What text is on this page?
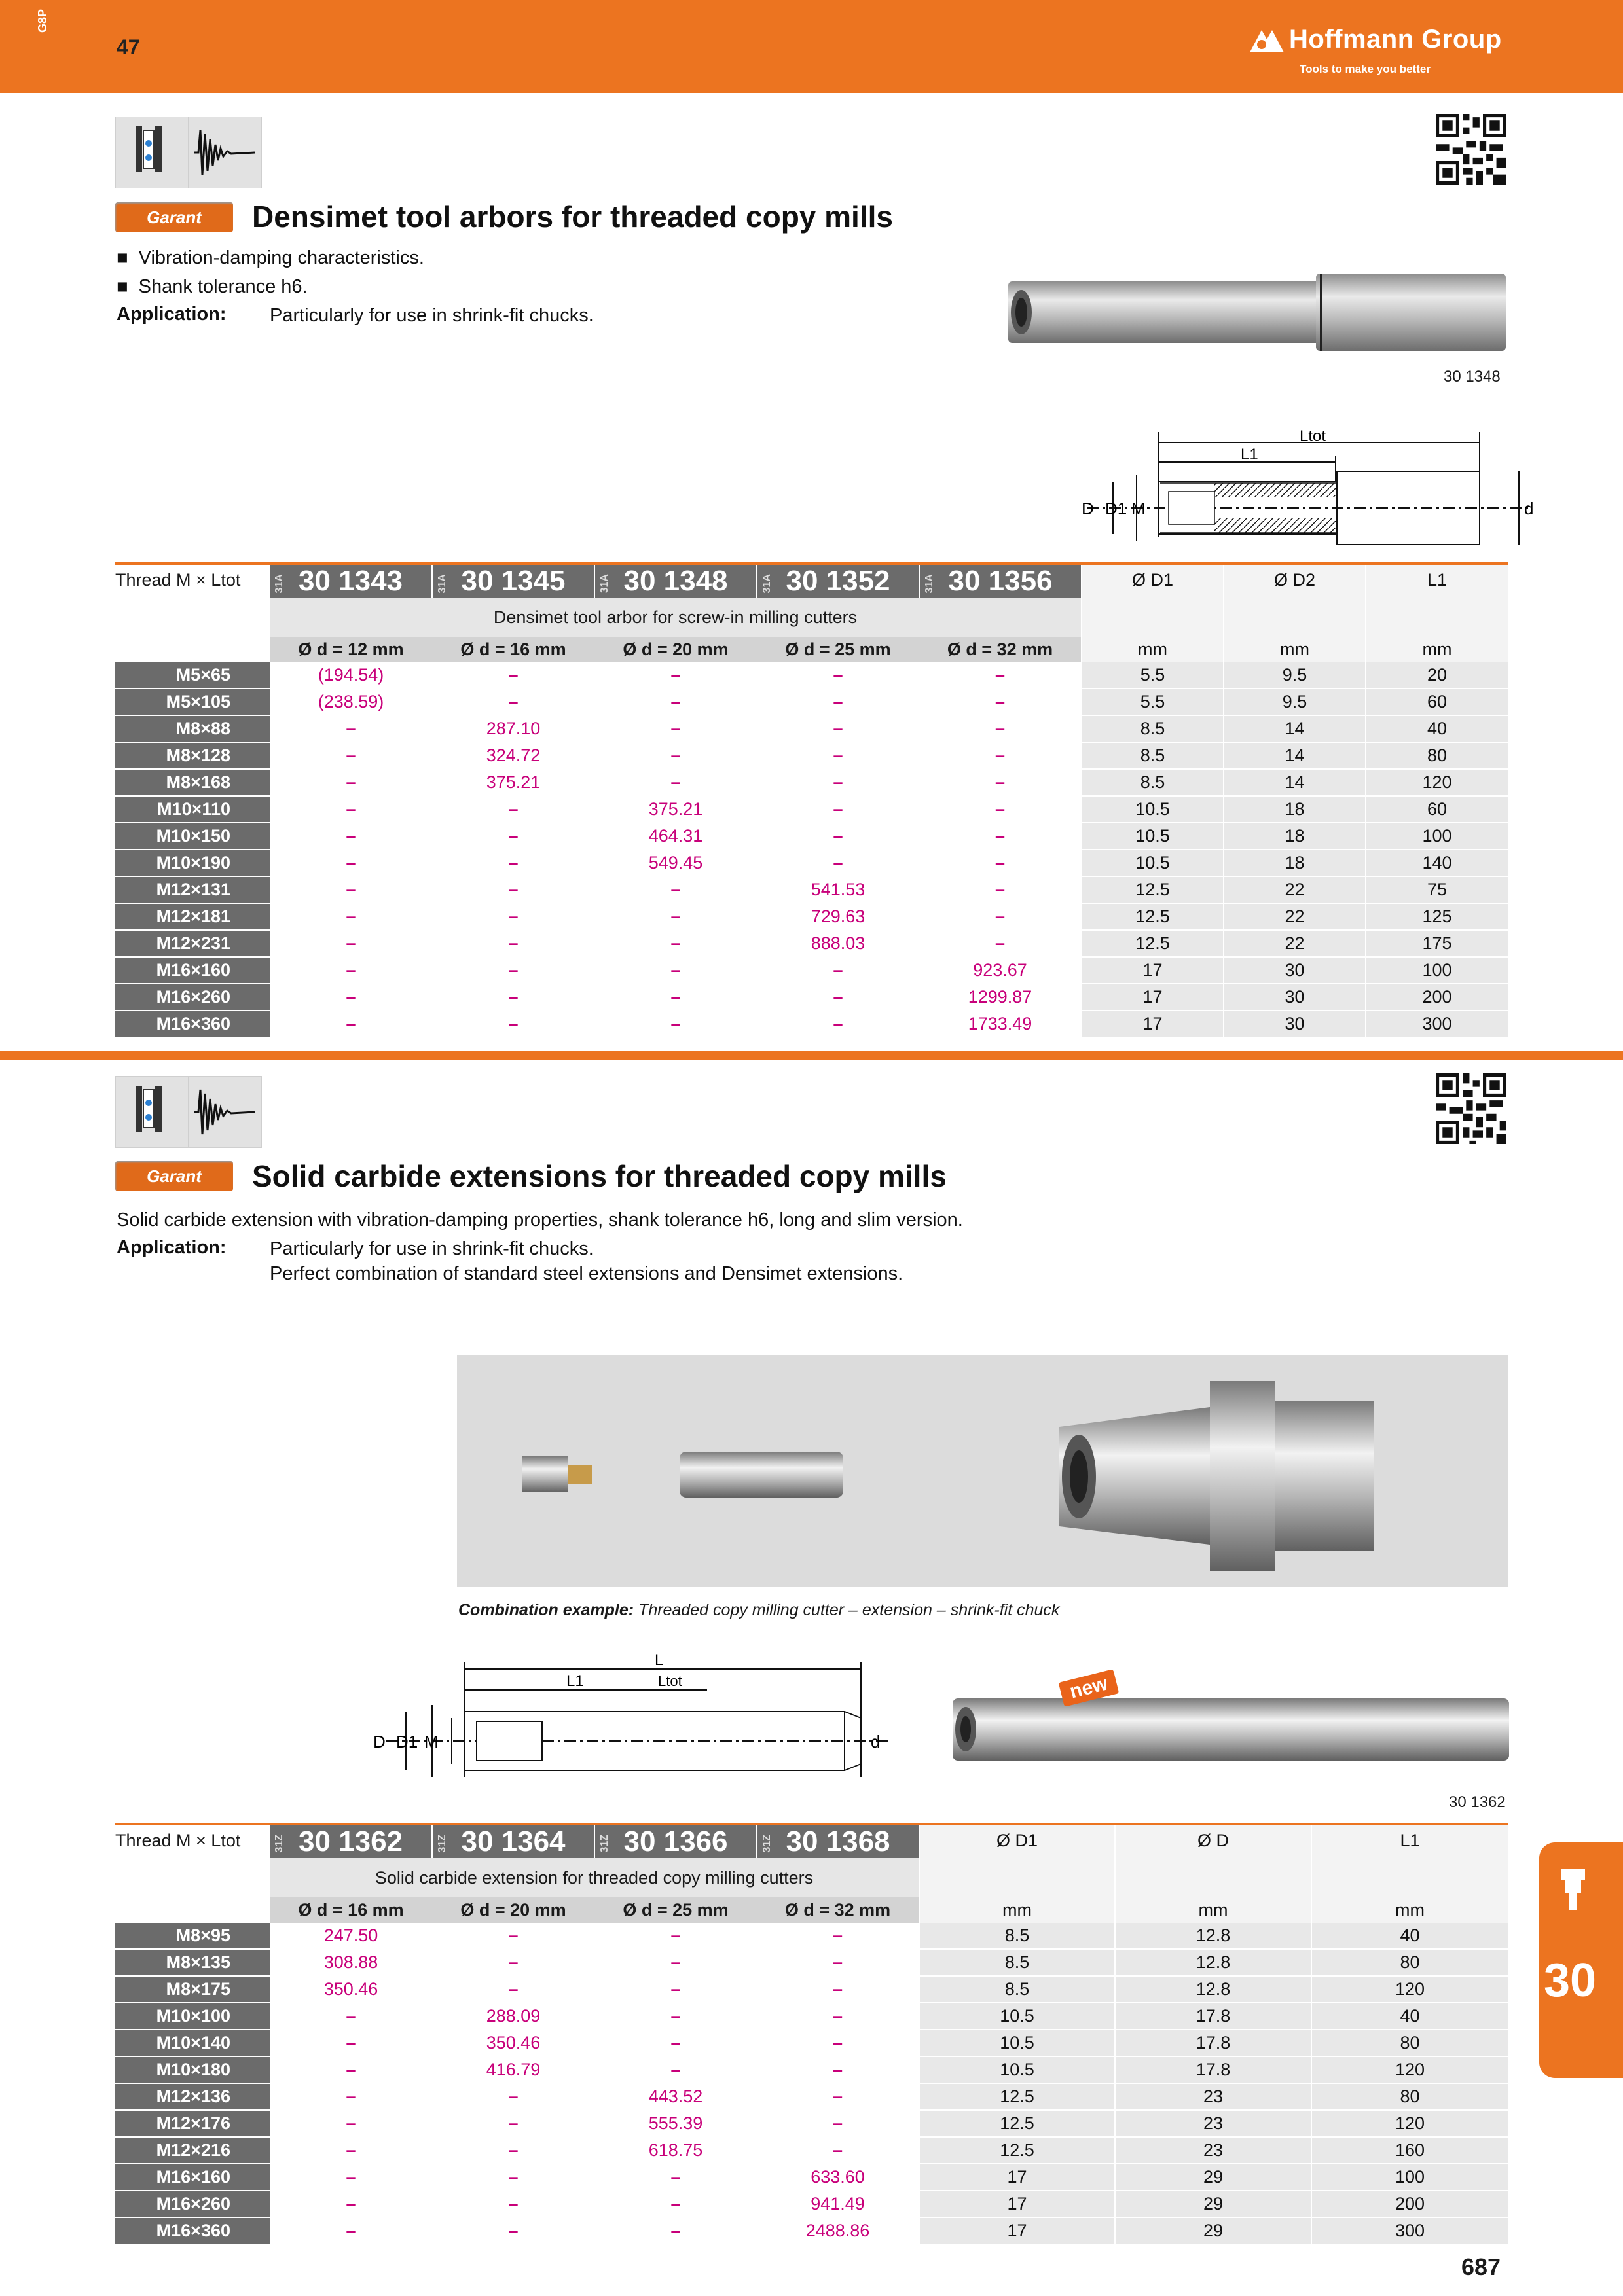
G8P
47	Hoffmann Group
Tools to make you better
Garant	Densimet tool arbors for threaded copy mills
■  Vibration-damping characteristics.
■  Shank tolerance h6.
Application: Particularly for use in shrink-fit chucks.
30 1348
Ltot
L1
D D1 M	d
Thread M × Ltot	31A 30 1343	31A 30 1345	31A 30 1348	31A 30 1352	31A 30 1356	Ø D1	Ø D2	L1
	Densimet tool arbor for screw-in milling cutters							
	Ø d = 12 mm	Ø d = 16 mm	Ø d = 20 mm	Ø d = 25 mm	Ø d = 32 mm	mm	mm	mm
M5×65	(194.54)	–	–	–	–	5.5	9.5	20
M5×105	(238.59)	–	–	–	–	5.5	9.5	60
M8×88	–	287.10	–	–	–	8.5	14	40
M8×128	–	324.72	–	–	–	8.5	14	80
M8×168	–	375.21	–	–	–	8.5	14	120
M10×110	–	–	375.21	–	–	10.5	18	60
M10×150	–	–	464.31	–	–	10.5	18	100
M10×190	–	–	549.45	–	–	10.5	18	140
M12×131	–	–	–	541.53	–	12.5	22	75
M12×181	–	–	–	729.63	–	12.5	22	125
M12×231	–	–	–	888.03	–	12.5	22	175
M16×160	–	–	–	–	923.67	17	30	100
M16×260	–	–	–	–	1299.87	17	30	200
M16×360	–	–	–	–	1733.49	17	30	300
Garant	Solid carbide extensions for threaded copy mills
Solid carbide extension with vibration-damping properties, shank tolerance h6, long and slim version.
Application: Particularly for use in shrink-fit chucks.
Perfect combination of standard steel extensions and Densimet extensions.
Combination example: Threaded copy milling cutter – extension – shrink-fit chuck
L
Ltot
L1
D D1 M	d
new
30 1362
Thread M × Ltot	31Z 30 1362	31Z 30 1364	31Z 30 1366	31Z 30 1368	Ø D1	Ø D	L1
	Solid carbide extension for threaded copy milling cutters						
	Ø d = 16 mm	Ø d = 20 mm	Ø d = 25 mm	Ø d = 32 mm	mm	mm	mm
M8×95	247.50	–	–	–	8.5	12.8	40
M8×135	308.88	–	–	–	8.5	12.8	80
M8×175	350.46	–	–	–	8.5	12.8	120
M10×100	–	288.09	–	–	10.5	17.8	40
M10×140	–	350.46	–	–	10.5	17.8	80
M10×180	–	416.79	–	–	10.5	17.8	120
M12×136	–	–	443.52	–	12.5	23	80
M12×176	–	–	555.39	–	12.5	23	120
M12×216	–	–	618.75	–	12.5	23	160
M16×160	–	–	–	633.60	17	29	100
M16×260	–	–	–	941.49	17	29	200
M16×360	–	–	–	2488.86	17	29	300
30
687
